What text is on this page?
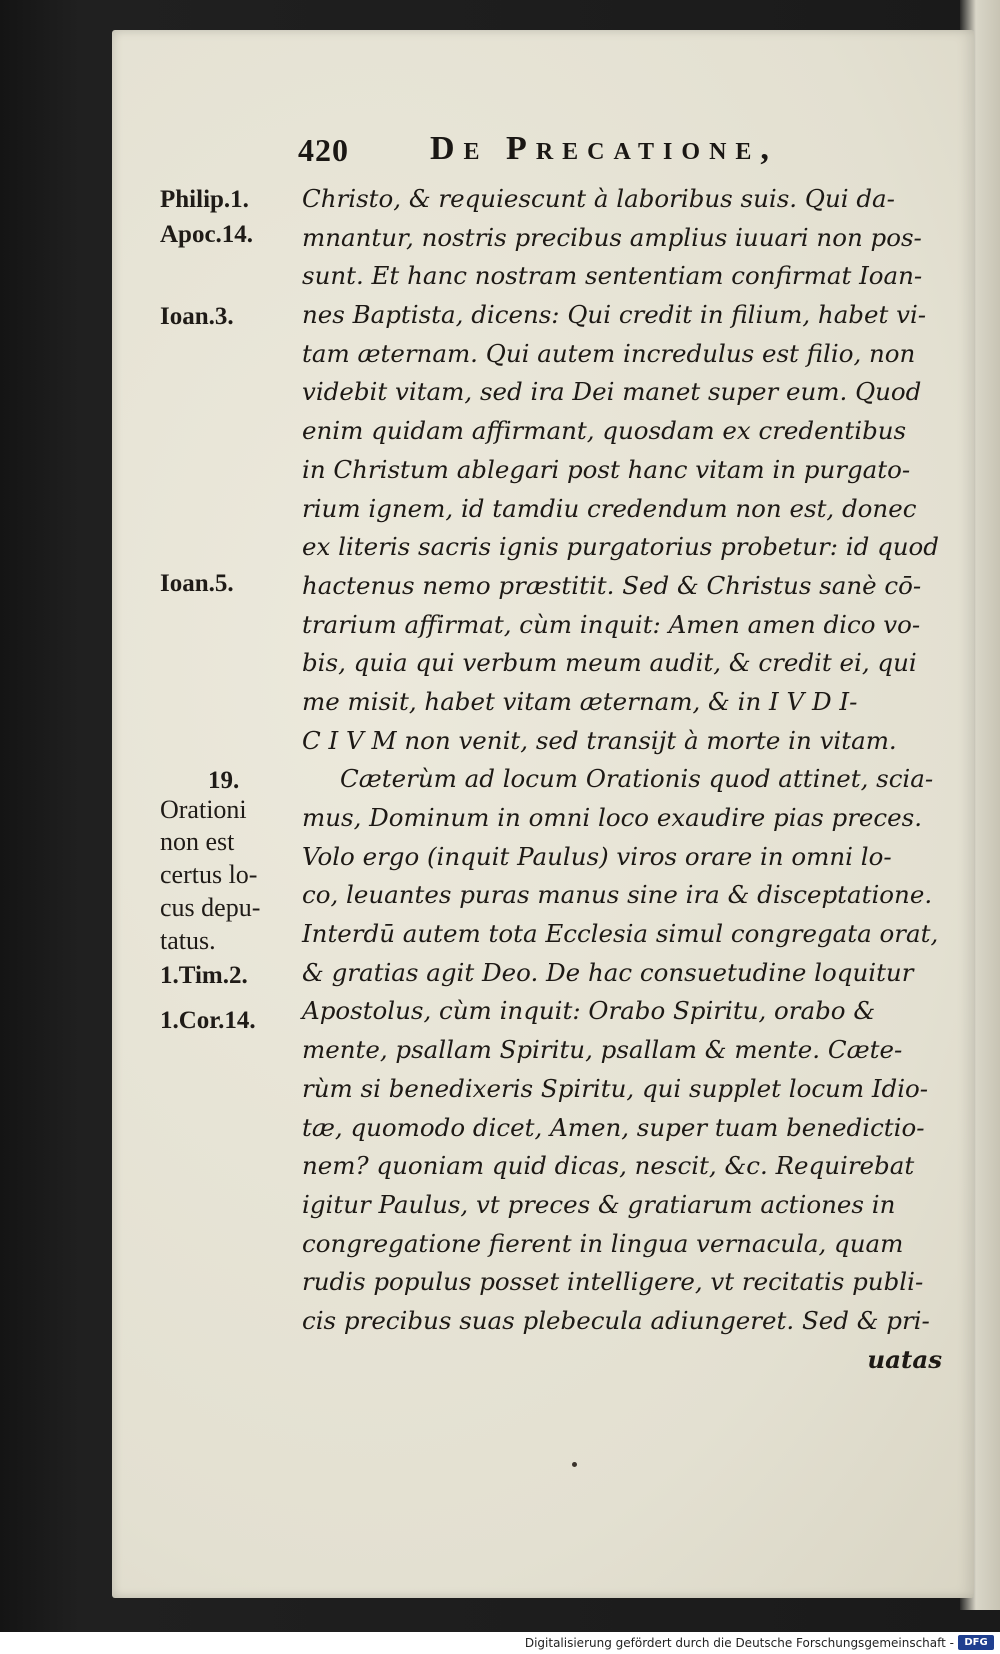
420 De Precatione,
Philip.1.
Apoc.14.
Ioan.3.
Ioan.5.
19.
Orationi
non est
certus lo-
cus depu-
tatus.
1.Tim.2.
1.Cor.14.
Christo, & requiescunt à laboribus suis. Qui da-
mnantur, nostris precibus amplius iuuari non pos-
sunt. Et hanc nostram sententiam confirmat Ioan-
nes Baptista, dicens: Qui credit in filium, habet vi-
tam æternam. Qui autem incredulus est filio, non
videbit vitam, sed ira Dei manet super eum. Quod
enim quidam affirmant, quosdam ex credentibus
in Christum ablegari post hanc vitam in purgato-
rium ignem, id tamdiu credendum non est, donec
ex literis sacris ignis purgatorius probetur: id quod
hactenus nemo præstitit. Sed & Christus sanè cō-
trarium affirmat, cùm inquit: Amen amen dico vo-
bis, quia qui verbum meum audit, & credit ei, qui
me misit, habet vitam æternam, & in I V D I-
C I V M non venit, sed transijt à morte in vitam.
Cæterùm ad locum Orationis quod attinet, scia-
mus, Dominum in omni loco exaudire pias preces.
Volo ergo (inquit Paulus) viros orare in omni lo-
co, leuantes puras manus sine ira & disceptatione.
Interdū autem tota Ecclesia simul congregata orat,
& gratias agit Deo. De hac consuetudine loquitur
Apostolus, cùm inquit: Orabo Spiritu, orabo &
mente, psallam Spiritu, psallam & mente. Cæte-
rùm si benedixeris Spiritu, qui supplet locum Idio-
tæ, quomodo dicet, Amen, super tuam benedictio-
nem? quoniam quid dicas, nescit, &c. Requirebat
igitur Paulus, vt preces & gratiarum actiones in
congregatione fierent in lingua vernacula, quam
rudis populus posset intelligere, vt recitatis publi-
cis precibus suas plebecula adiungeret. Sed & pri-
uatas
Digitalisierung gefördert durch die Deutsche Forschungsgemeinschaft -	DFG
